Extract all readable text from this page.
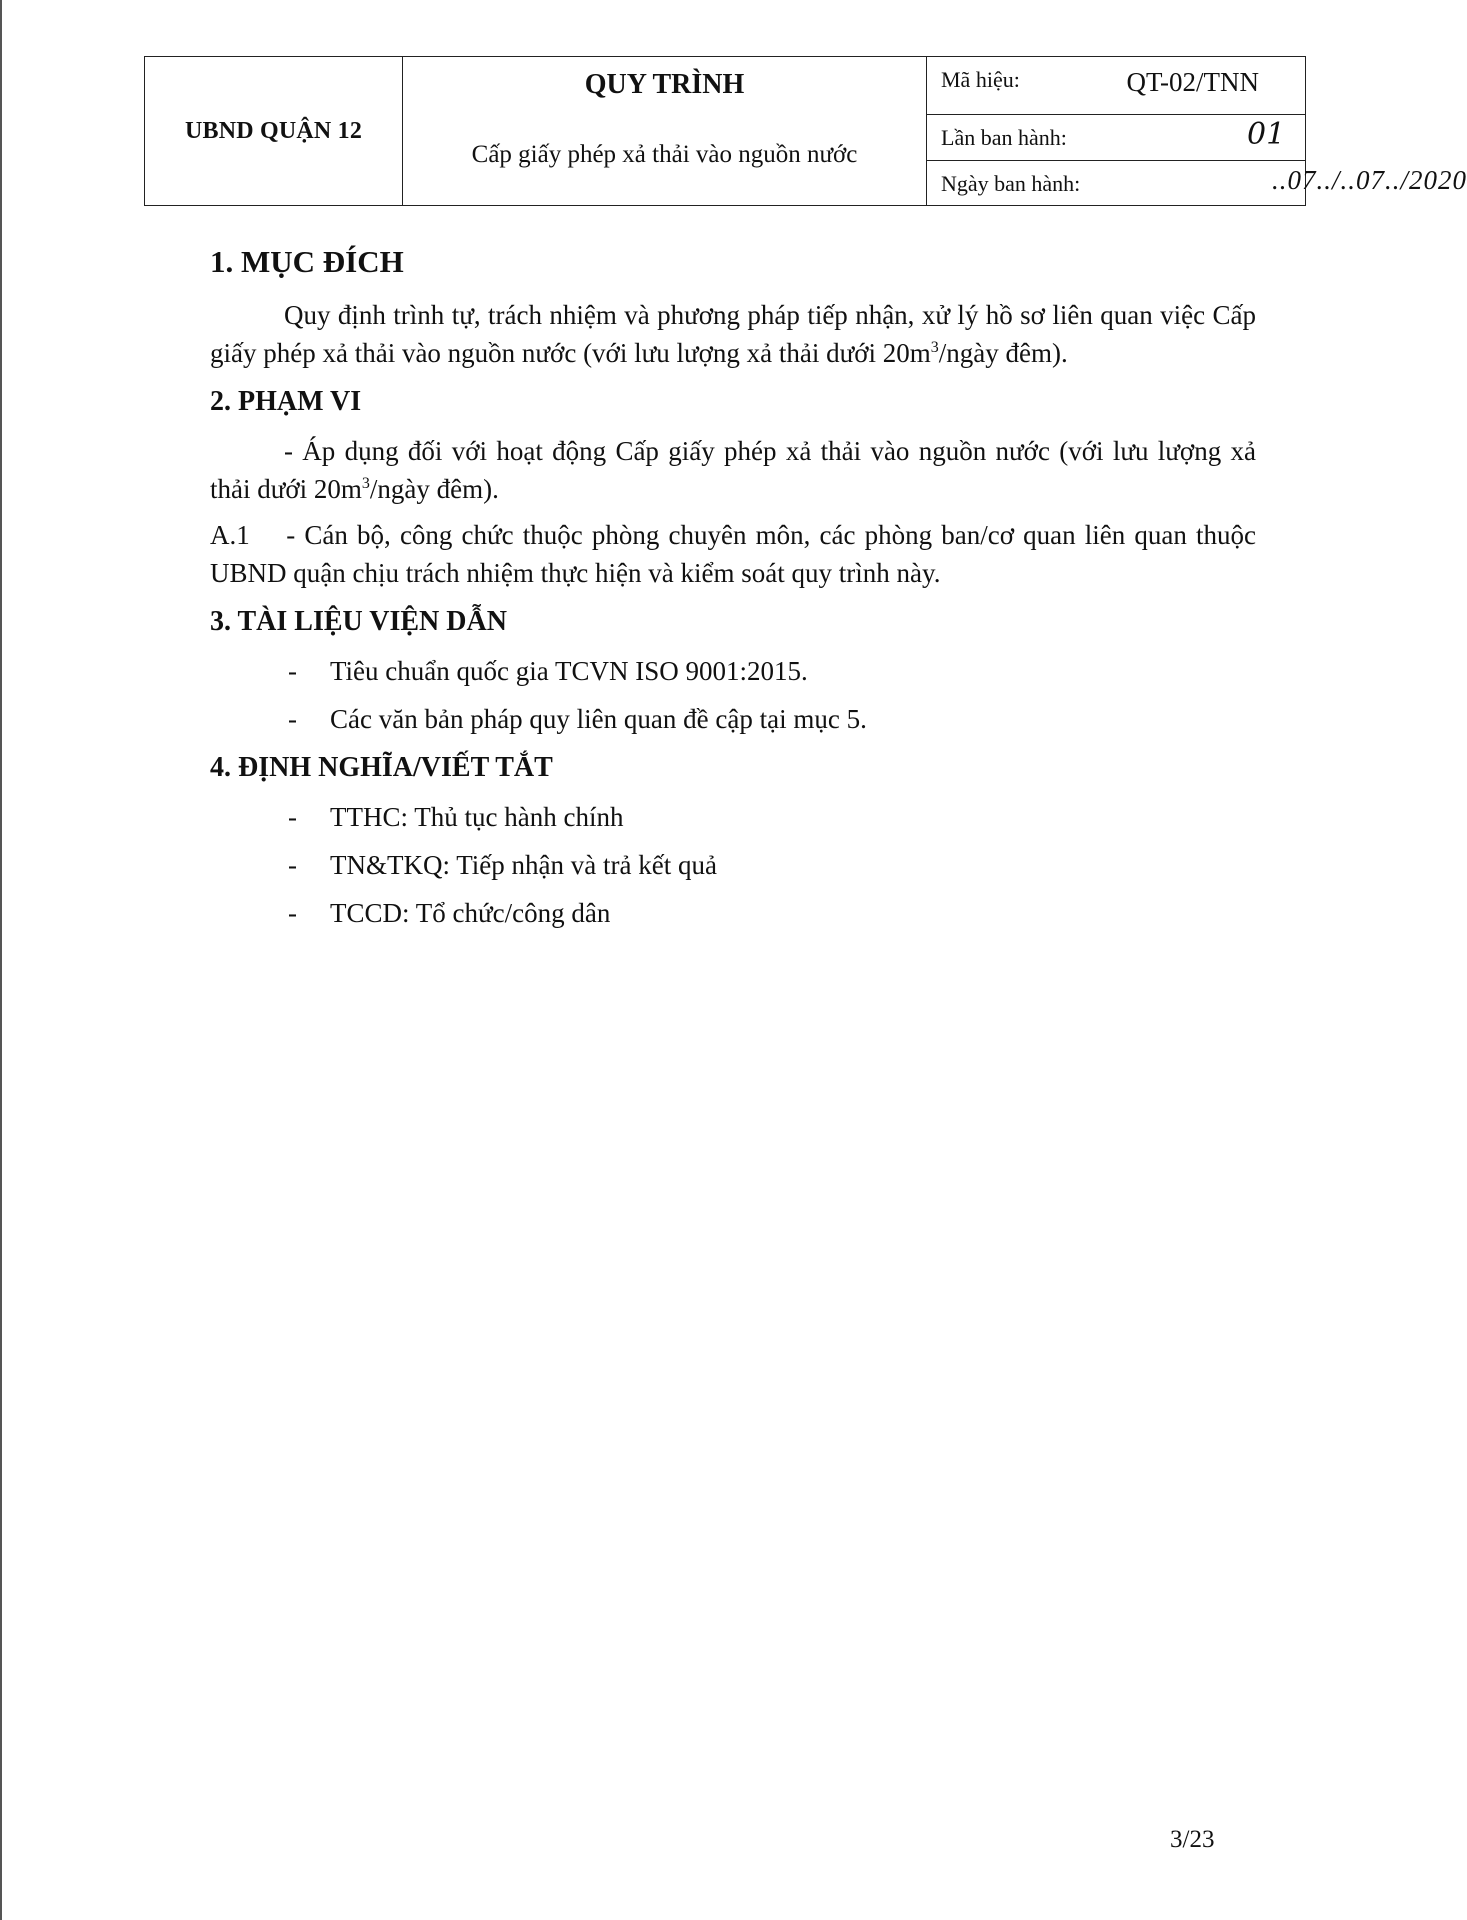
UBND QUẬN 12
QUY TRÌNH
Cấp giấy phép xả thải vào nguồn nước
Mã hiệu:	QT-02/TNN
Lần ban hành:	01
Ngày ban hành:	..07../..07../2020
1. MỤC ĐÍCH

Quy định trình tự, trách nhiệm và phương pháp tiếp nhận, xử lý hồ sơ liên quan việc Cấp giấy phép xả thải vào nguồn nước (với lưu lượng xả thải dưới $20m^3$/ngày đêm).

2. PHẠM VI

- Áp dụng đối với hoạt động Cấp giấy phép xả thải vào nguồn nước (với lưu lượng xả thải dưới $20m^3$/ngày đêm).

A.1 - Cán bộ, công chức thuộc phòng chuyên môn, các phòng ban/cơ quan liên quan thuộc UBND quận chịu trách nhiệm thực hiện và kiểm soát quy trình này.

3. TÀI LIỆU VIỆN DẪN
- Tiêu chuẩn quốc gia TCVN ISO 9001:2015.
- Các văn bản pháp quy liên quan đề cập tại mục 5.
4. ĐỊNH NGHĨA/VIẾT TẮT
- TTHC: Thủ tục hành chính
- TN&TKQ: Tiếp nhận và trả kết quả
- TCCD: Tổ chức/công dân
3/23
